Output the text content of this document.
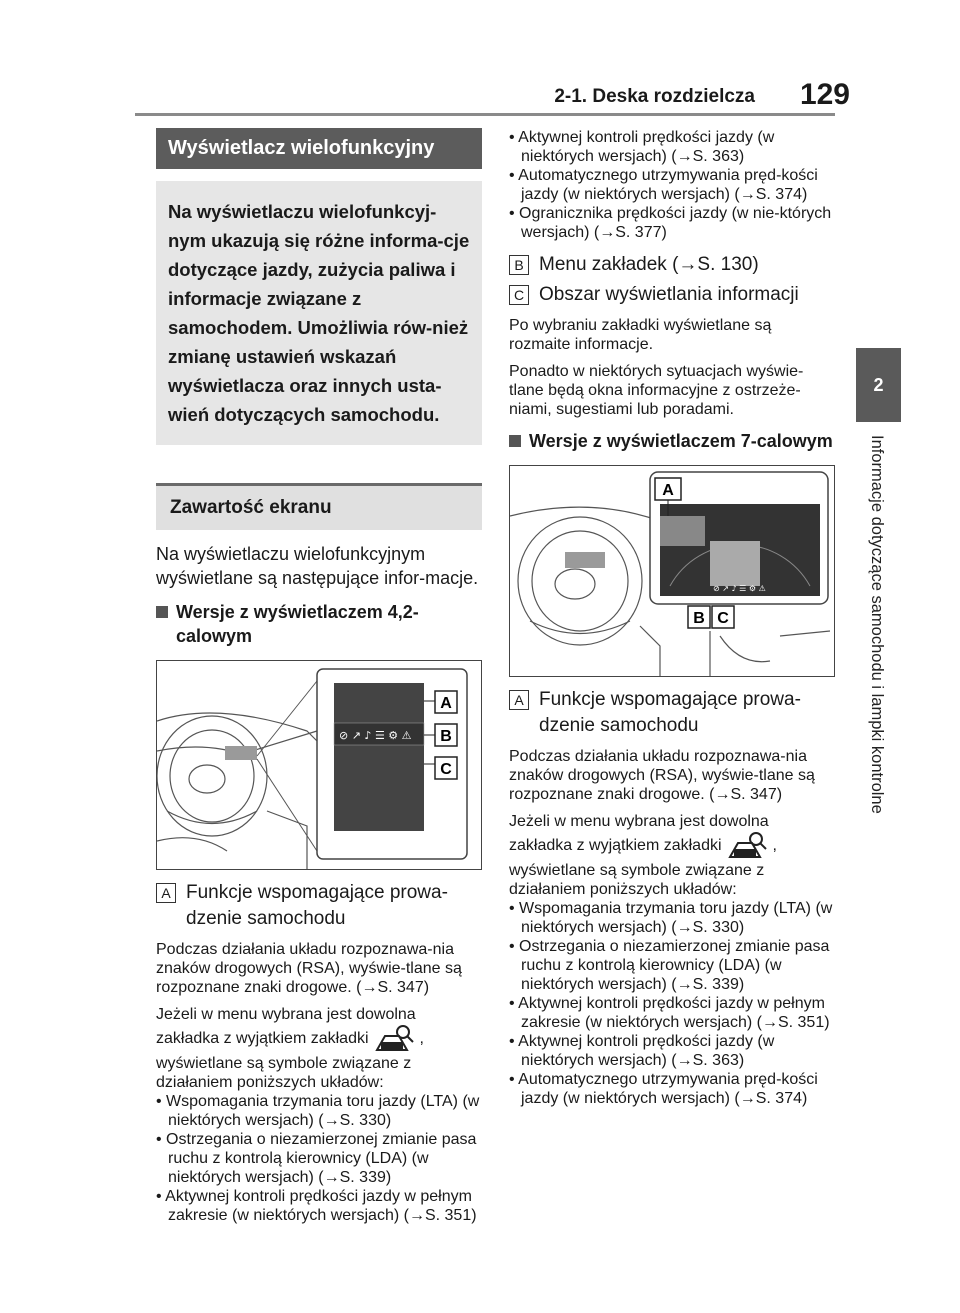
2-1. Deska rozdzielcza 129
2
Informacje dotyczące samochodu i lampki kontrolne
Wyświetlacz wielofunkcyjny
Na wyświetlaczu wielofunkcyj-nym ukazują się różne informa-cje dotyczące jazdy, zużycia paliwa i informacje związane z samochodem. Umożliwia rów-nież zmianę ustawień wskazań wyświetlacza oraz innych usta-wień dotyczących samochodu.
Zawartość ekranu
Na wyświetlaczu wielofunkcyjnym wyświetlane są następujące infor-macje.
Wersje z wyświetlaczem 4,2-calowym
⊘ ↗ ♪ ☰ ⚙ ⚠
A
B
C
A Funkcje wspomagające prowa-dzenie samochodu
Podczas działania układu rozpoznawa-nia znaków drogowych (RSA), wyświe-tlane są rozpoznane znaki drogowe. (→S. 347)
Jeżeli w menu wybrana jest dowolna
zakładka z wyjątkiem zakładki	,
wyświetlane są symbole związane z działaniem poniższych układów:
• Wspomagania trzymania toru jazdy (LTA) (w niektórych wersjach) (→S. 330)
• Ostrzegania o niezamierzonej zmianie pasa ruchu z kontrolą kierownicy (LDA) (w niektórych wersjach) (→S. 339)
• Aktywnej kontroli prędkości jazdy w pełnym zakresie (w niektórych wersjach) (→S. 351)
• Aktywnej kontroli prędkości jazdy (w niektórych wersjach) (→S. 363)
• Automatycznego utrzymywania pręd-kości jazdy (w niektórych wersjach) (→S. 374)
• Ogranicznika prędkości jazdy (w nie-których wersjach) (→S. 377)
B Menu zakładek (→S. 130)
C Obszar wyświetlania informacji
Po wybraniu zakładki wyświetlane są rozmaite informacje.
Ponadto w niektórych sytuacjach wyświe-tlane będą okna informacyjne z ostrzeże-niami, sugestiami lub poradami.
Wersje z wyświetlaczem 7-calowym
⊘ ↗ ♪ ☰ ⚙ ⚠
A
B C
A Funkcje wspomagające prowa-dzenie samochodu
Podczas działania układu rozpoznawa-nia znaków drogowych (RSA), wyświe-tlane są rozpoznane znaki drogowe. (→S. 347)
Jeżeli w menu wybrana jest dowolna
zakładka z wyjątkiem zakładki	,
wyświetlane są symbole związane z działaniem poniższych układów:
• Wspomagania trzymania toru jazdy (LTA) (w niektórych wersjach) (→S. 330)
• Ostrzegania o niezamierzonej zmianie pasa ruchu z kontrolą kierownicy (LDA) (w niektórych wersjach) (→S. 339)
• Aktywnej kontroli prędkości jazdy w pełnym zakresie (w niektórych wersjach) (→S. 351)
• Aktywnej kontroli prędkości jazdy (w niektórych wersjach) (→S. 363)
• Automatycznego utrzymywania pręd-kości jazdy (w niektórych wersjach) (→S. 374)
